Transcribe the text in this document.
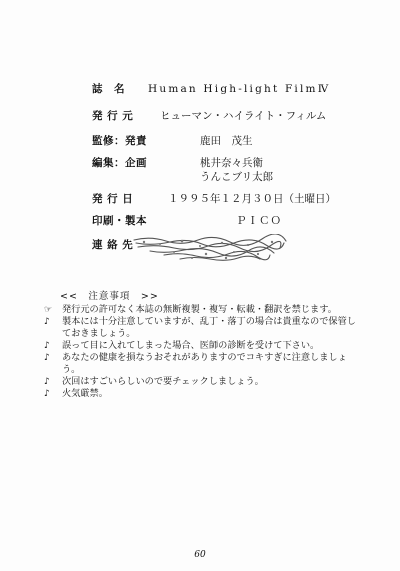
誌　名 Human High-light FilmⅣ
発 行 元	ヒューマン・ハイライト・フィルム
監修：発責	鹿田　茂生
編集：企画	桃井奈々兵衛
うんこブリ太郎
発 行 日	１９９５年１２月３０日（土曜日）
印刷・製本	ＰＩＣＯ
連 絡 先
<<　注意事項　>>
☞ 発行元の許可なく本誌の無断複製・複写・転載・翻訳を禁じます。
♪ 製本には十分注意していますが、乱丁・落丁の場合は貴重なので保管しておきましょう。
♪ 誤って目に入れてしまった場合、医師の診断を受けて下さい。
♪ あなたの健康を損なうおそれがありますのでコキすぎに注意しましょう。
♪ 次回はすごいらしいので要チェックしましょう。
♪ 火気厳禁。
60
